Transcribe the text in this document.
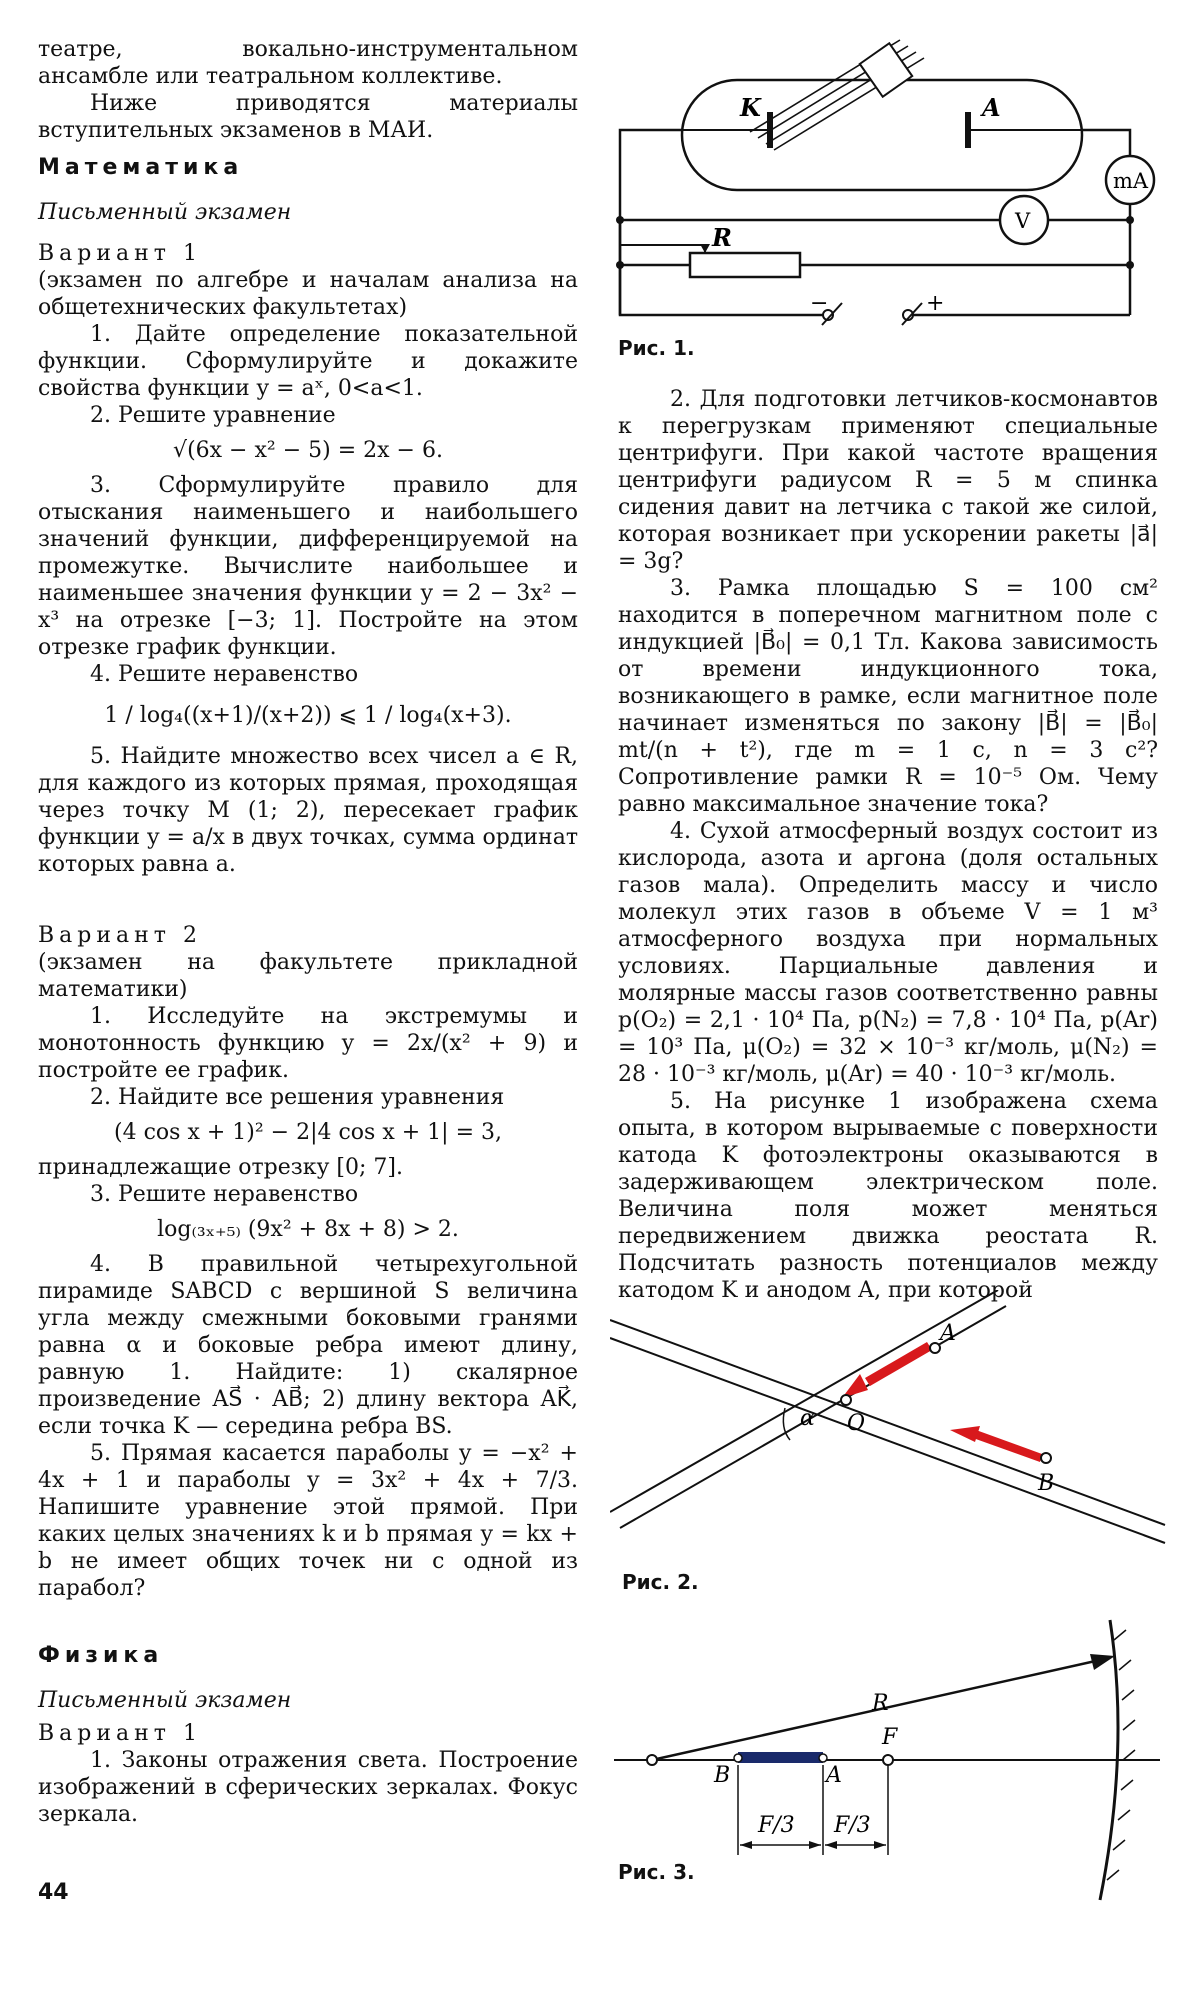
театре, вокально-инструментальном ансамбле или театральном коллективе.

Ниже приводятся материалы вступительных экзаменов в МАИ.

Математика

Письменный экзамен

Вариант 1

(экзамен по алгебре и началам анализа на общетехнических факультетах)

1. Дайте определение показательной функции. Сформулируйте и докажите свойства функции y = aˣ, 0<a<1.

2. Решите уравнение

√(6x − x² − 5) = 2x − 6.

3. Сформулируйте правило для отыскания наименьшего и наибольшего значений функции, дифференцируемой на промежутке. Вычислите наибольшее и наименьшее значения функции y = 2 − 3x² − x³ на отрезке [−3; 1]. Постройте на этом отрезке график функции.

4. Решите неравенство

1 / log₄((x+1)/(x+2)) ⩽ 1 / log₄(x+3).

5. Найдите множество всех чисел a ∈ R, для каждого из которых прямая, проходящая через точку M (1; 2), пересекает график функции y = a/x в двух точках, сумма ординат которых равна a.

Вариант 2

(экзамен на факультете прикладной математики)

1. Исследуйте на экстремумы и монотонность функцию y = 2x/(x² + 9) и постройте ее график.

2. Найдите все решения уравнения

(4 cos x + 1)² − 2|4 cos x + 1| = 3,

принадлежащие отрезку [0; 7].

3. Решите неравенство

log₍₃ₓ₊₅₎ (9x² + 8x + 8) > 2.

4. В правильной четырехугольной пирамиде SABCD с вершиной S величина угла между смежными боковыми гранями равна α и боковые ребра имеют длину, равную 1. Найдите: 1) скалярное произведение AS⃗ · AB⃗; 2) длину вектора AK⃗, если точка K — середина ребра BS.

5. Прямая касается параболы y = −x² + 4x + 1 и параболы y = 3x² + 4x + 7/3. Напишите уравнение этой прямой. При каких целых значениях k и b прямая y = kx + b не имеет общих точек ни с одной из парабол?

Физика

Письменный экзамен

Вариант 1

1. Законы отражения света. Построение изображений в сферических зеркалах. Фокус зеркала.

K	A
mA
V
R
−	+
Рис. 1.

2. Для подготовки летчиков-космонавтов к перегрузкам применяют специальные центрифуги. При какой частоте вращения центрифуги радиусом R = 5 м спинка сидения давит на летчика с такой же силой, которая возникает при ускорении ракеты |a⃗| = 3g?

3. Рамка площадью S = 100 см² находится в поперечном магнитном поле с индукцией |B⃗₀| = 0,1 Тл. Какова зависимость от времени индукционного тока, возникающего в рамке, если магнитное поле начинает изменяться по закону |B⃗| = |B⃗₀| mt/(n + t²), где m = 1 c, n = 3 c²? Сопротивление рамки R = 10⁻⁵ Ом. Чему равно максимальное значение тока?

4. Сухой атмосферный воздух состоит из кислорода, азота и аргона (доля остальных газов мала). Определить массу и число молекул этих газов в объеме V = 1 м³ атмосферного воздуха при нормальных условиях. Парциальные давления и молярные массы газов соответственно равны p(O₂) = 2,1 · 10⁴ Па, p(N₂) = 7,8 · 10⁴ Па, p(Ar) = 10³ Па, μ(O₂) = 32 × 10⁻³ кг/моль, μ(N₂) = 28 · 10⁻³ кг/моль, μ(Ar) = 40 · 10⁻³ кг/моль.

5. На рисунке 1 изображена схема опыта, в котором вырываемые с поверхности катода K фотоэлектроны оказываются в задерживающем электрическом поле. Величина поля может меняться передвижением движка реостата R. Подсчитать разность потенциалов между катодом K и анодом A, при которой

A
B
O
α
Рис. 2.
R
F
B	A
F/3 F/3
Рис. 3.
44
